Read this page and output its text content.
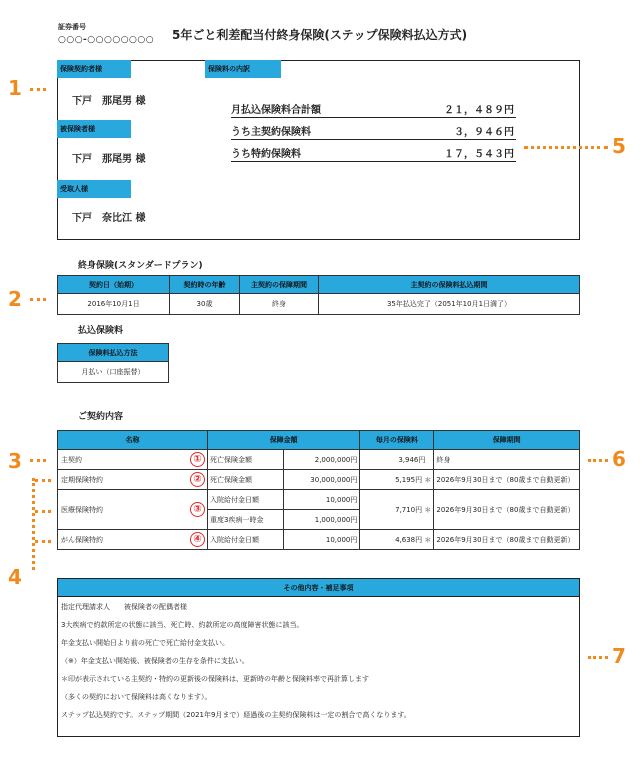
証券番号
○○○-○○○○○○○○ 5年ごと利差配当付終身保険(ステップ保険料払込方式)
保険契約者様
下戸　那尾男 様
被保険者様
下戸　那尾男 様
受取人様
下戸　奈比江 様
保険料の内訳
月払込保険料合計額	２１，４８９円
うち主契約保険料	３，９４６円
うち特約保険料	１７，５４３円
終身保険(スタンダードプラン)
契約日（始期）	契約時の年齢	主契約の保障期間	主契約の保険料払込期間
2016年10月1日	30歳	終身	35年払込完了（2051年10月1日満了）
払込保険料
保険料払込方法
月払い（口座振替）
ご契約内容
名称	保障金額		毎月の保険料	保障期間
主契約 ①	死亡保険金額	2,000,000円	3,946円	終身
定期保険特約 ②	死亡保険金額	30,000,000円	5,195円 ＊	2026年9月30日まで（80歳まで自動更新）
医療保険特約 ③	入院給付金日額	10,000円	7,710円 ＊	2026年9月30日まで（80歳まで自動更新）
	重度3疾病一時金	1,000,000円		
がん保険特約 ④	入院給付金日額	10,000円	4,638円 ＊	2026年9月30日まで（80歳まで自動更新）
その他内容・補足事項
指定代理請求人　　被保険者の配偶者様
3大疾病で約款所定の状態に該当、死亡時、約款所定の高度障害状態に該当。
年金支払い開始日より前の死亡で死亡給付金支払い。
（※）年金支払い開始後、被保険者の生存を条件に支払い。
＊印が表示されている主契約・特約の更新後の保険料は、更新時の年齢と保険料率で再計算します
（多くの契約において保険料は高くなります）。
ステップ払込契約です。ステップ期間（2021年9月まで）経過後の主契約保険料は一定の割合で高くなります。
1
2
3
4
5
6
7
